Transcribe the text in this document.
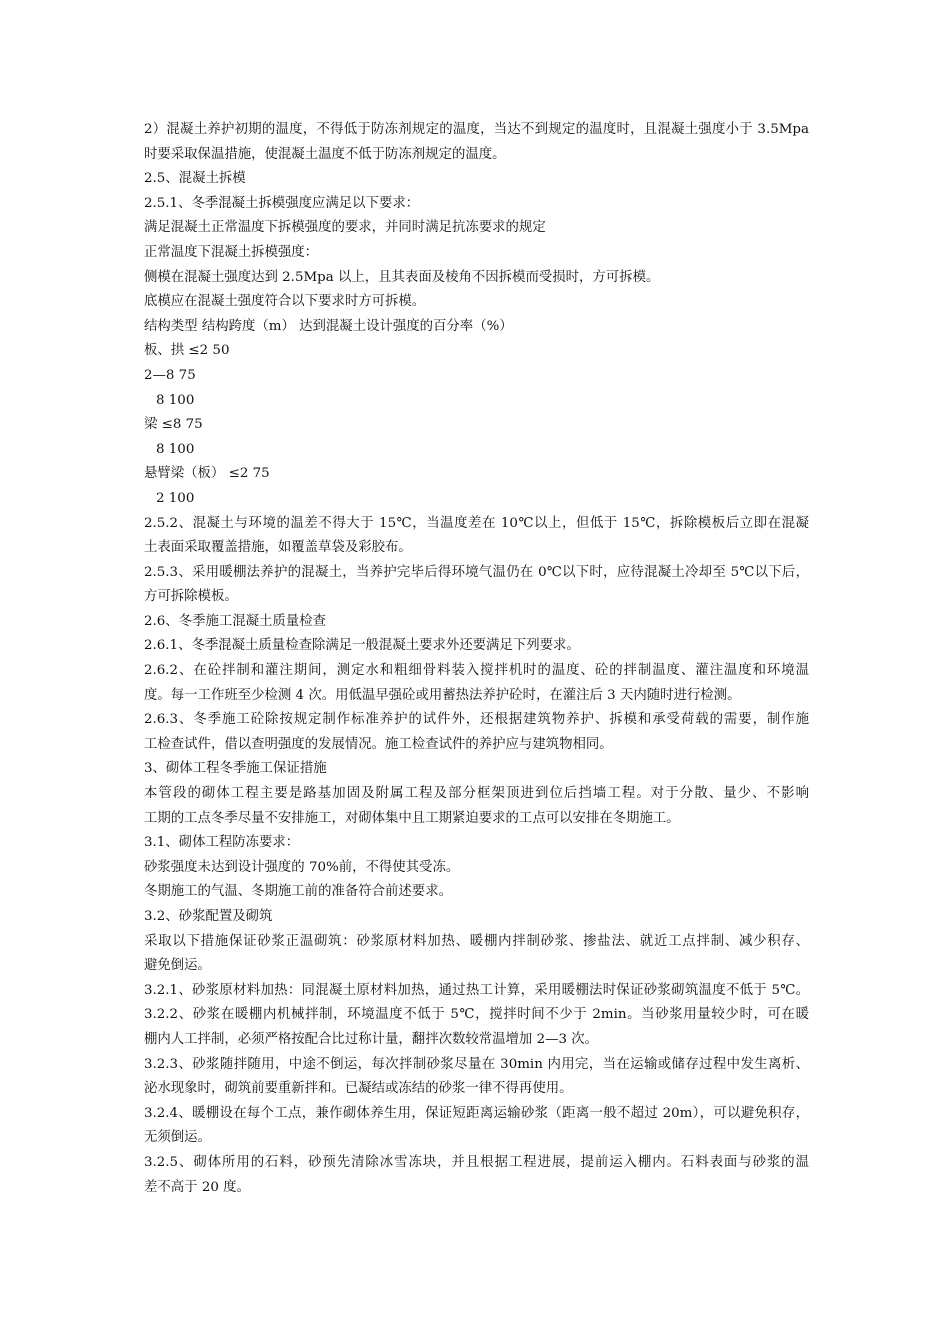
2）混凝土养护初期的温度，不得低于防冻剂规定的温度，当达不到规定的温度时，且混凝土强度小于 3.5Mpa
时要采取保温措施，使混凝土温度不低于防冻剂规定的温度。
2.5、混凝土拆模
2.5.1、冬季混凝土拆模强度应满足以下要求：
满足混凝土正常温度下拆模强度的要求，并同时满足抗冻要求的规定
正常温度下混凝土拆模强度：
侧模在混凝土强度达到 2.5Mpa 以上，且其表面及棱角不因拆模而受损时，方可拆模。
底模应在混凝土强度符合以下要求时方可拆模。
结构类型 结构跨度（m） 达到混凝土设计强度的百分率（%）
板、拱 ≤2 50
2—8 75
8 100
梁 ≤8 75
8 100
悬臂梁（板） ≤2 75
2 100
2.5.2、混凝土与环境的温差不得大于 15℃，当温度差在 10℃以上，但低于 15℃，拆除模板后立即在混凝
土表面采取覆盖措施，如覆盖草袋及彩胶布。
2.5.3、采用暖棚法养护的混凝土，当养护完毕后得环境气温仍在 0℃以下时，应待混凝土冷却至 5℃以下后，
方可拆除模板。
2.6、冬季施工混凝土质量检查
2.6.1、冬季混凝土质量检查除满足一般混凝土要求外还要满足下列要求。
2.6.2、在砼拌制和灌注期间，测定水和粗细骨料装入搅拌机时的温度、砼的拌制温度、灌注温度和环境温
度。每一工作班至少检测 4 次。用低温早强砼或用蓄热法养护砼时，在灌注后 3 天内随时进行检测。
2.6.3、冬季施工砼除按规定制作标准养护的试件外，还根据建筑物养护、拆模和承受荷载的需要，制作施
工检查试件，借以查明强度的发展情况。施工检查试件的养护应与建筑物相同。
3、砌体工程冬季施工保证措施
本管段的砌体工程主要是路基加固及附属工程及部分框架顶进到位后挡墙工程。对于分散、量少、不影响
工期的工点冬季尽量不安排施工，对砌体集中且工期紧迫要求的工点可以安排在冬期施工。
3.1、砌体工程防冻要求：
砂浆强度未达到设计强度的 70%前，不得使其受冻。
冬期施工的气温、冬期施工前的准备符合前述要求。
3.2、砂浆配置及砌筑
采取以下措施保证砂浆正温砌筑：砂浆原材料加热、暖棚内拌制砂浆、掺盐法、就近工点拌制、减少积存、
避免倒运。
3.2.1、砂浆原材料加热：同混凝土原材料加热，通过热工计算，采用暖棚法时保证砂浆砌筑温度不低于 5℃。
3.2.2、砂浆在暖棚内机械拌制，环境温度不低于 5℃，搅拌时间不少于 2min。当砂浆用量较少时，可在暖
棚内人工拌制，必须严格按配合比过称计量，翻拌次数较常温增加 2—3 次。
3.2.3、砂浆随拌随用，中途不倒运，每次拌制砂浆尽量在 30min 内用完，当在运输或储存过程中发生离析、
泌水现象时，砌筑前要重新拌和。已凝结或冻结的砂浆一律不得再使用。
3.2.4、暖棚设在每个工点，兼作砌体养生用，保证短距离运输砂浆（距离一般不超过 20m），可以避免积存，
无须倒运。
3.2.5、砌体所用的石料，砂预先清除冰雪冻块，并且根据工程进展，提前运入棚内。石料表面与砂浆的温
差不高于 20 度。
